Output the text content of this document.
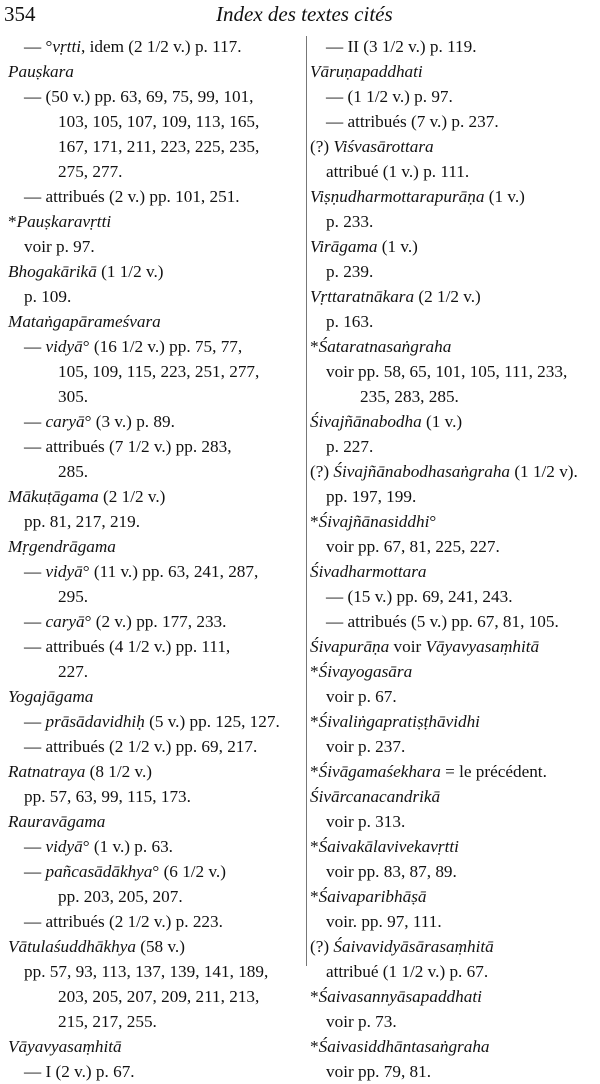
354	Index des textes cités
— °vṛtti, idem (2 1/2 v.) p. 117.
Pauṣkara
— (50 v.) pp. 63, 69, 75, 99, 101,
103, 105, 107, 109, 113, 165,
167, 171, 211, 223, 225, 235,
275, 277.
— attribués (2 v.) pp. 101, 251.
*Pauṣkaravṛtti
voir p. 97.
Bhogakārikā (1 1/2 v.)
p. 109.
Mataṅgapārameśvara
— vidyā° (16 1/2 v.) pp. 75, 77,
105, 109, 115, 223, 251, 277,
305.
— caryā° (3 v.) p. 89.
— attribués (7 1/2 v.) pp. 283,
285.
Mākuṭāgama (2 1/2 v.)
pp. 81, 217, 219.
Mṛgendrāgama
— vidyā° (11 v.) pp. 63, 241, 287,
295.
— caryā° (2 v.) pp. 177, 233.
— attribués (4 1/2 v.) pp. 111,
227.
Yogajāgama
— prāsādavidhiḥ (5 v.) pp. 125, 127.
— attribués (2 1/2 v.) pp. 69, 217.
Ratnatraya (8 1/2 v.)
pp. 57, 63, 99, 115, 173.
Rauravāgama
— vidyā° (1 v.) p. 63.
— pañcasādākhya° (6 1/2 v.)
pp. 203, 205, 207.
— attribués (2 1/2 v.) p. 223.
Vātulaśuddhākhya (58 v.)
pp. 57, 93, 113, 137, 139, 141, 189,
203, 205, 207, 209, 211, 213,
215, 217, 255.
Vāyavyasaṃhitā
— I (2 v.) p. 67.
— II (3 1/2 v.) p. 119.
Vāruṇapaddhati
— (1 1/2 v.) p. 97.
— attribués (7 v.) p. 237.
(?) Viśvasārottara
attribué (1 v.) p. 111.
Viṣṇudharmottarapurāṇa (1 v.)
p. 233.
Virāgama (1 v.)
p. 239.
Vṛttaratnākara (2 1/2 v.)
p. 163.
*Śataratnasaṅgraha
voir pp. 58, 65, 101, 105, 111, 233,
235, 283, 285.
Śivajñānabodha (1 v.)
p. 227.
(?) Śivajñānabodhasaṅgraha (1 1/2 v).
pp. 197, 199.
*Śivajñānasiddhi°
voir pp. 67, 81, 225, 227.
Śivadharmottara
— (15 v.) pp. 69, 241, 243.
— attribués (5 v.) pp. 67, 81, 105.
Śivapurāṇa voir Vāyavyasaṃhitā
*Śivayogasāra
voir p. 67.
*Śivaliṅgapratiṣṭhāvidhi
voir p. 237.
*Śivāgamaśekhara = le précédent.
Śivārcanacandrikā
voir p. 313.
*Śaivakālavivekavṛtti
voir pp. 83, 87, 89.
*Śaivaparibhāṣā
voir. pp. 97, 111.
(?) Śaivavidyāsārasaṃhitā
attribué (1 1/2 v.) p. 67.
*Śaivasannyāsapaddhati
voir p. 73.
*Śaivasiddhāntasaṅgraha
voir pp. 79, 81.
